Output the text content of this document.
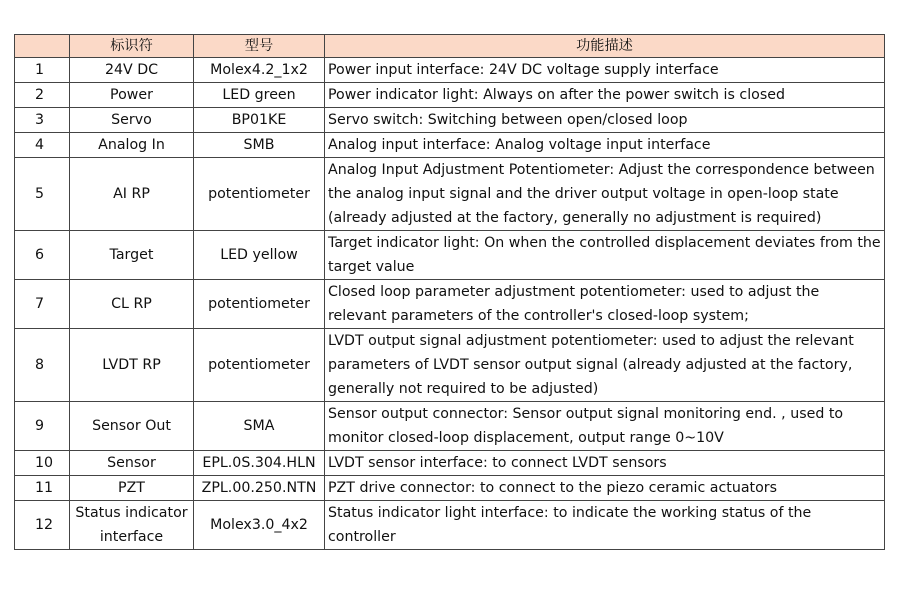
	标识符	型号	功能描述
1	24V DC	Molex4.2_1x2	Power input interface: 24V DC voltage supply interface
2	Power	LED green	Power indicator light: Always on after the power switch is closed
3	Servo	BP01KE	Servo switch: Switching between open/closed loop
4	Analog In	SMB	Analog input interface: Analog voltage input interface
5	AI RP	potentiometer	Analog Input Adjustment Potentiometer: Adjust the correspondence between the analog input signal and the driver output voltage in open-loop state (already adjusted at the factory, generally no adjustment is required)
6	Target	LED yellow	Target indicator light: On when the controlled displacement deviates from the target value
7	CL RP	potentiometer	Closed loop parameter adjustment potentiometer: used to adjust the relevant parameters of the controller's closed-loop system;
8	LVDT RP	potentiometer	LVDT output signal adjustment potentiometer: used to adjust the relevant parameters of LVDT sensor output signal (already adjusted at the factory, generally not required to be adjusted)
9	Sensor Out	SMA	Sensor output connector: Sensor output signal monitoring end. , used to monitor closed-loop displacement, output range 0~10V
10	Sensor	EPL.0S.304.HLN	LVDT sensor interface: to connect LVDT sensors
11	PZT	ZPL.00.250.NTN	PZT drive connector: to connect to the piezo ceramic actuators
12	Status indicator interface	Molex3.0_4x2	Status indicator light interface: to indicate the working status of the controller
